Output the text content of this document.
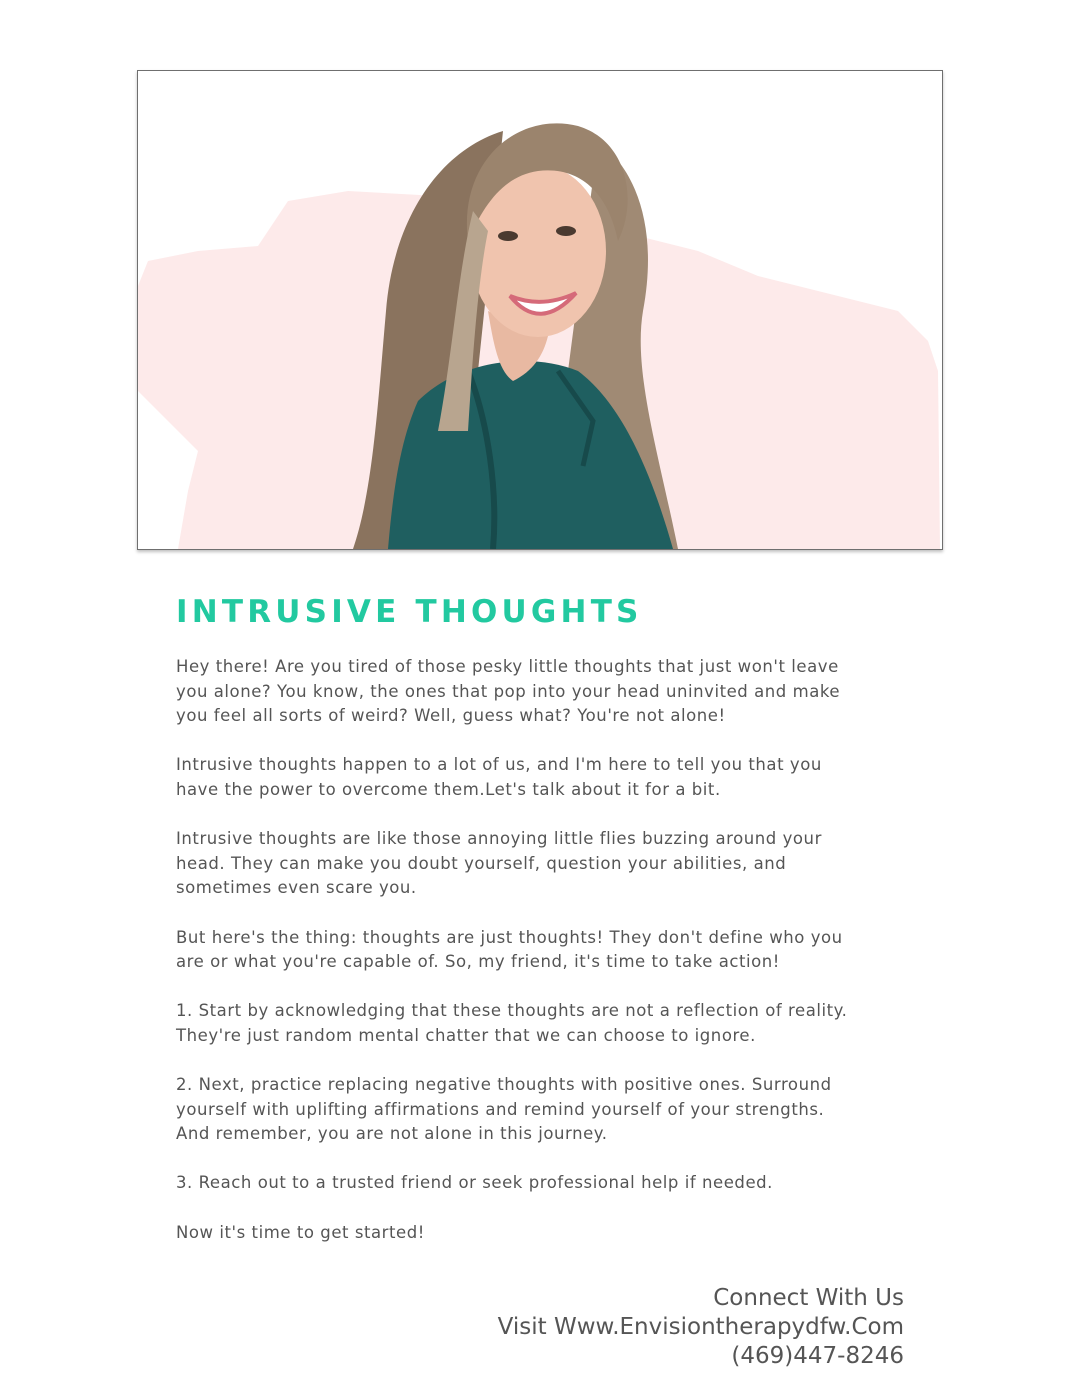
INTRUSIVE THOUGHTS

Hey there! Are you tired of those pesky little thoughts that just won't leave
you alone? You know, the ones that pop into your head uninvited and make
you feel all sorts of weird? Well, guess what? You're not alone!

Intrusive thoughts happen to a lot of us, and I'm here to tell you that you
have the power to overcome them.Let's talk about it for a bit.

Intrusive thoughts are like those annoying little flies buzzing around your
head. They can make you doubt yourself, question your abilities, and
sometimes even scare you.

But here's the thing: thoughts are just thoughts! They don't define who you
are or what you're capable of. So, my friend, it's time to take action!

1. Start by acknowledging that these thoughts are not a reflection of reality.
They're just random mental chatter that we can choose to ignore.

2. Next, practice replacing negative thoughts with positive ones. Surround
yourself with uplifting affirmations and remind yourself of your strengths.
And remember, you are not alone in this journey.

3. Reach out to a trusted friend or seek professional help if needed.

Now it's time to get started!

Connect With Us
Visit Www.Envisiontherapydfw.Com
(469)447-8246
